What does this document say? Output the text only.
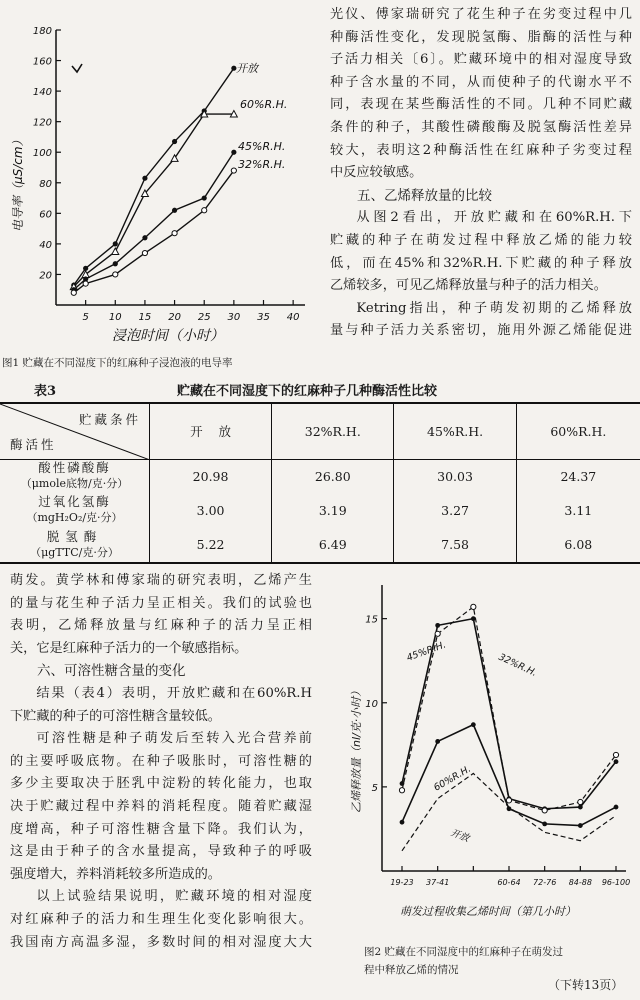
电导率（μS/cm）
20
40
60
80
100
120
140
160
180
5 10 15 20 25 30 35 40
开放
60%R.H.
45%R.H.
32%R.H.
浸泡时间（小时）
图1 贮藏在不同湿度下的红麻种子浸泡液的电导率

光仪、傅家瑞研究了花生种子在劣变过程中几

种酶活性变化，发现脱氢酶、脂酶的活性与种

子活力相关〔6〕。贮藏环境中的相对湿度导致

种子含水量的不同，从而使种子的代谢水平不

同，表现在某些酶活性的不同。几种不同贮藏

条件的种子，其酸性磷酸酶及脱氢酶活性差异

较大，表明这2种酶活性在红麻种子劣变过程

中反应较敏感。

五、乙烯释放量的比较

从图2看出，开放贮藏和在60%R.H.下

贮藏的种子在萌发过程中释放乙烯的能力较

低，而在45%和32%R.H.下贮藏的种子释放

乙烯较多，可见乙烯释放量与种子的活力相关。

Ketring指出，种子萌发初期的乙烯释放

量与种子活力关系密切，施用外源乙烯能促进

表3	贮藏在不同湿度下的红麻种子几种酶活性比较
贮藏条件
酶活性	开    放	32%R.H.	45%R.H.	60%R.H.

酸性磷酸酶
（μmole底物/克·分）	20.98	26.80	30.03	24.37

过氧化氢酶
（mgH₂O₂/克·分）	3.00	3.19	3.27	3.11

脱氢酶
（μgTTC/克·分）	5.22	6.49	7.58	6.08

萌发。黄学林和傅家瑞的研究表明，乙烯产生

的量与花生种子活力呈正相关。我们的试验也

表明，乙烯释放量与红麻种子的活力呈正相

关，它是红麻种子活力的一个敏感指标。

六、可溶性糖含量的变化

结果（表4）表明，开放贮藏和在60%R.H

下贮藏的种子的可溶性糖含量较低。

可溶性糖是种子萌发后至转入光合营养前

的主要呼吸底物。在种子吸胀时，可溶性糖的

多少主要取决于胚乳中淀粉的转化能力，也取

决于贮藏过程中养料的消耗程度。随着贮藏湿

度增高，种子可溶性糖含量下降。我们认为，

这是由于种子的含水量提高，导致种子的呼吸

强度增大，养料消耗较多所造成的。

以上试验结果说明，贮藏环境的相对湿度

对红麻种子的活力和生理生化变化影响很大。

我国南方高温多湿，多数时间的相对湿度大大

乙烯释放量（nl/克·小时） 5
10
15
19-23 37-41	60-64 72-76 84-88 96-100
45%R.H.
32%R.H.
60%R.H.
开放
萌发过程收集乙烯时间（第几小时）
图2 贮藏在不同湿度中的红麻种子在萌发过
程中释放乙烯的情况
（下转13页）
